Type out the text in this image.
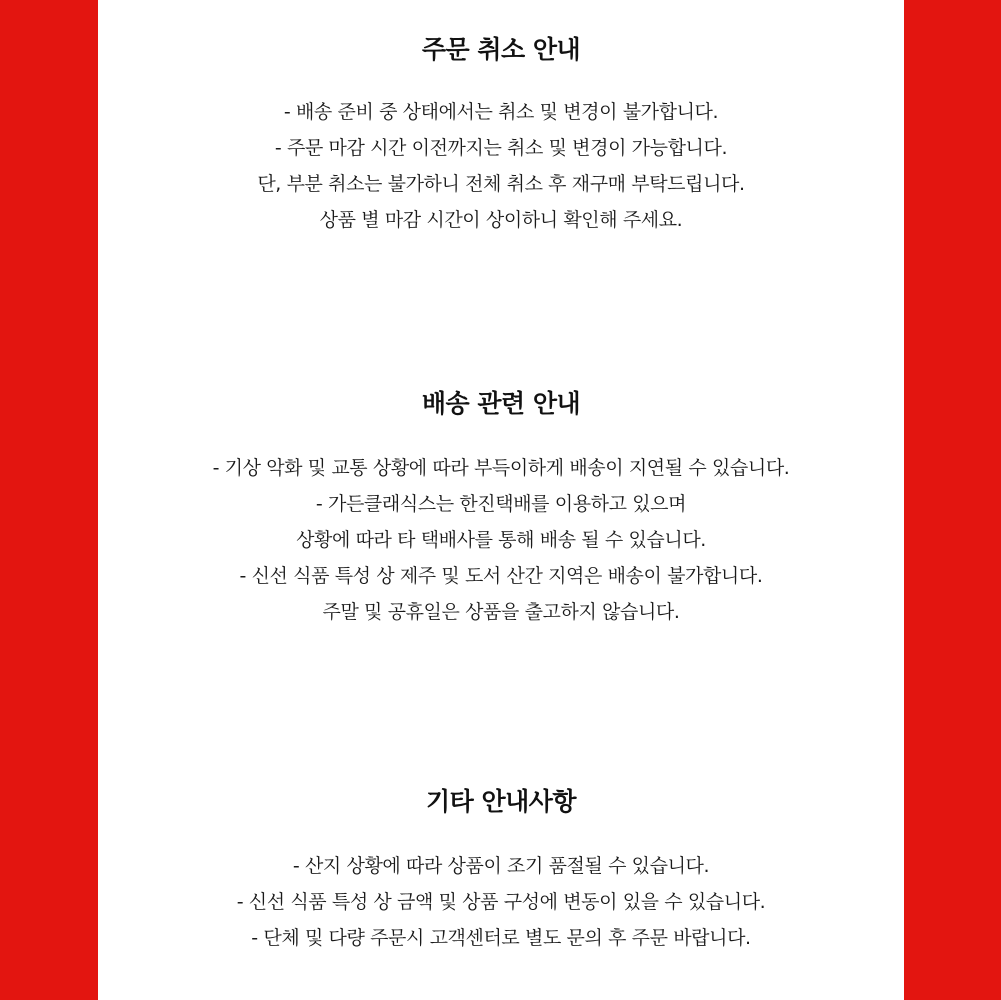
주문 취소 안내
- 배송 준비 중 상태에서는 취소 및 변경이 불가합니다.
- 주문 마감 시간 이전까지는 취소 및 변경이 가능합니다.
단, 부분 취소는 불가하니 전체 취소 후 재구매 부탁드립니다.
상품 별 마감 시간이 상이하니 확인해 주세요.
배송 관련 안내
- 기상 악화 및 교통 상황에 따라 부득이하게 배송이 지연될 수 있습니다.
- 가든클래식스는 한진택배를 이용하고 있으며
상황에 따라 타 택배사를 통해 배송 될 수 있습니다.
- 신선 식품 특성 상 제주 및 도서 산간 지역은 배송이 불가합니다.
주말 및 공휴일은 상품을 출고하지 않습니다.
기타 안내사항
- 산지 상황에 따라 상품이 조기 품절될 수 있습니다.
- 신선 식품 특성 상 금액 및 상품 구성에 변동이 있을 수 있습니다.
- 단체 및 다량 주문시 고객센터로 별도 문의 후 주문 바랍니다.
